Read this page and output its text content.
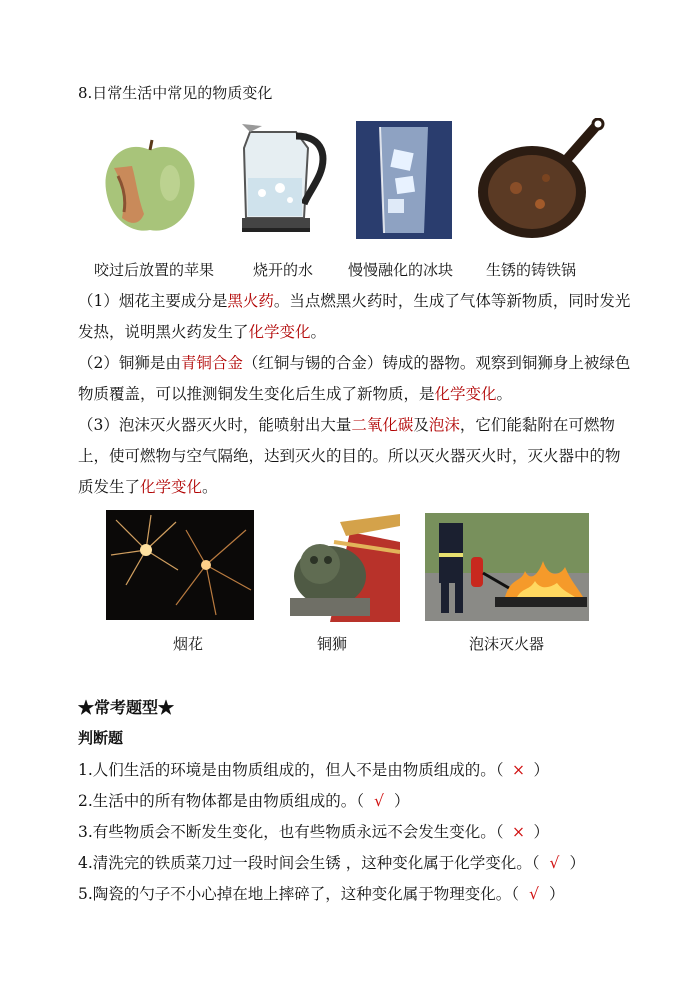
8.日常生活中常见的物质变化
咬过后放置的苹果	烧开的水 慢慢融化的冰块 生锈的铸铁锅
（1）烟花主要成分是黑火药。当点燃黑火药时，生成了气体等新物质，同时发光发热，说明黑火药发生了化学变化。
（2）铜狮是由青铜合金（红铜与锡的合金）铸成的器物。观察到铜狮身上被绿色物质覆盖，可以推测铜发生变化后生成了新物质，是化学变化。
（3）泡沫灭火器灭火时，能喷射出大量二氧化碳及泡沫，它们能黏附在可燃物上，使可燃物与空气隔绝，达到灭火的目的。所以灭火器灭火时，灭火器中的物质发生了化学变化。
烟花	铜狮	泡沫灭火器
★常考题型★
判断题
1.人们生活的环境是由物质组成的，但人不是由物质组成的。（ × ）
2.生活中的所有物体都是由物质组成的。（ √ ）
3.有些物质会不断发生变化，也有些物质永远不会发生变化。（ × ）
4.清洗完的铁质菜刀过一段时间会生锈 ，这种变化属于化学变化。（ √ ）
5.陶瓷的勺子不小心掉在地上摔碎了，这种变化属于物理变化。（ √ ）
